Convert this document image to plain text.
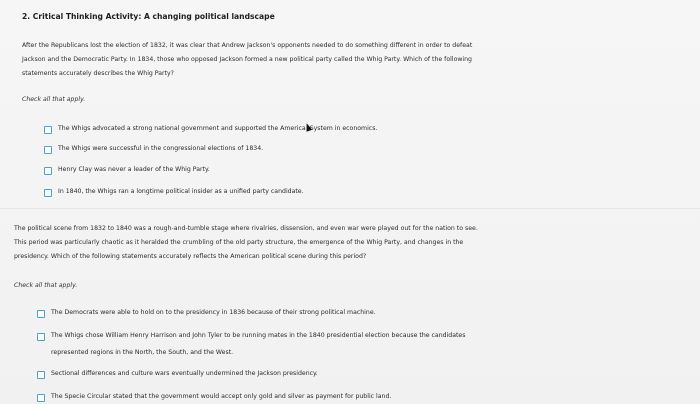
2. Critical Thinking Activity: A changing political landscape
After the Republicans lost the election of 1832, it was clear that Andrew Jackson's opponents needed to do something different in order to defeat
Jackson and the Democratic Party. In 1834, those who opposed Jackson formed a new political party called the Whig Party. Which of the following
statements accurately describes the Whig Party?
Check all that apply.
The Whigs advocated a strong national government and supported the America System in economics.
The Whigs were successful in the congressional elections of 1834.
Henry Clay was never a leader of the Whig Party.
In 1840, the Whigs ran a longtime political insider as a unified party candidate.
The political scene from 1832 to 1840 was a rough-and-tumble stage where rivalries, dissension, and even war were played out for the nation to see.
This period was particularly chaotic as it heralded the crumbling of the old party structure, the emergence of the Whig Party, and changes in the
presidency. Which of the following statements accurately reflects the American political scene during this period?
Check all that apply.
The Democrats were able to hold on to the presidency in 1836 because of their strong political machine.
The Whigs chose William Henry Harrison and John Tyler to be running mates in the 1840 presidential election because the candidates
represented regions in the North, the South, and the West.
Sectional differences and culture wars eventually undermined the Jackson presidency.
The Specie Circular stated that the government would accept only gold and silver as payment for public land.
